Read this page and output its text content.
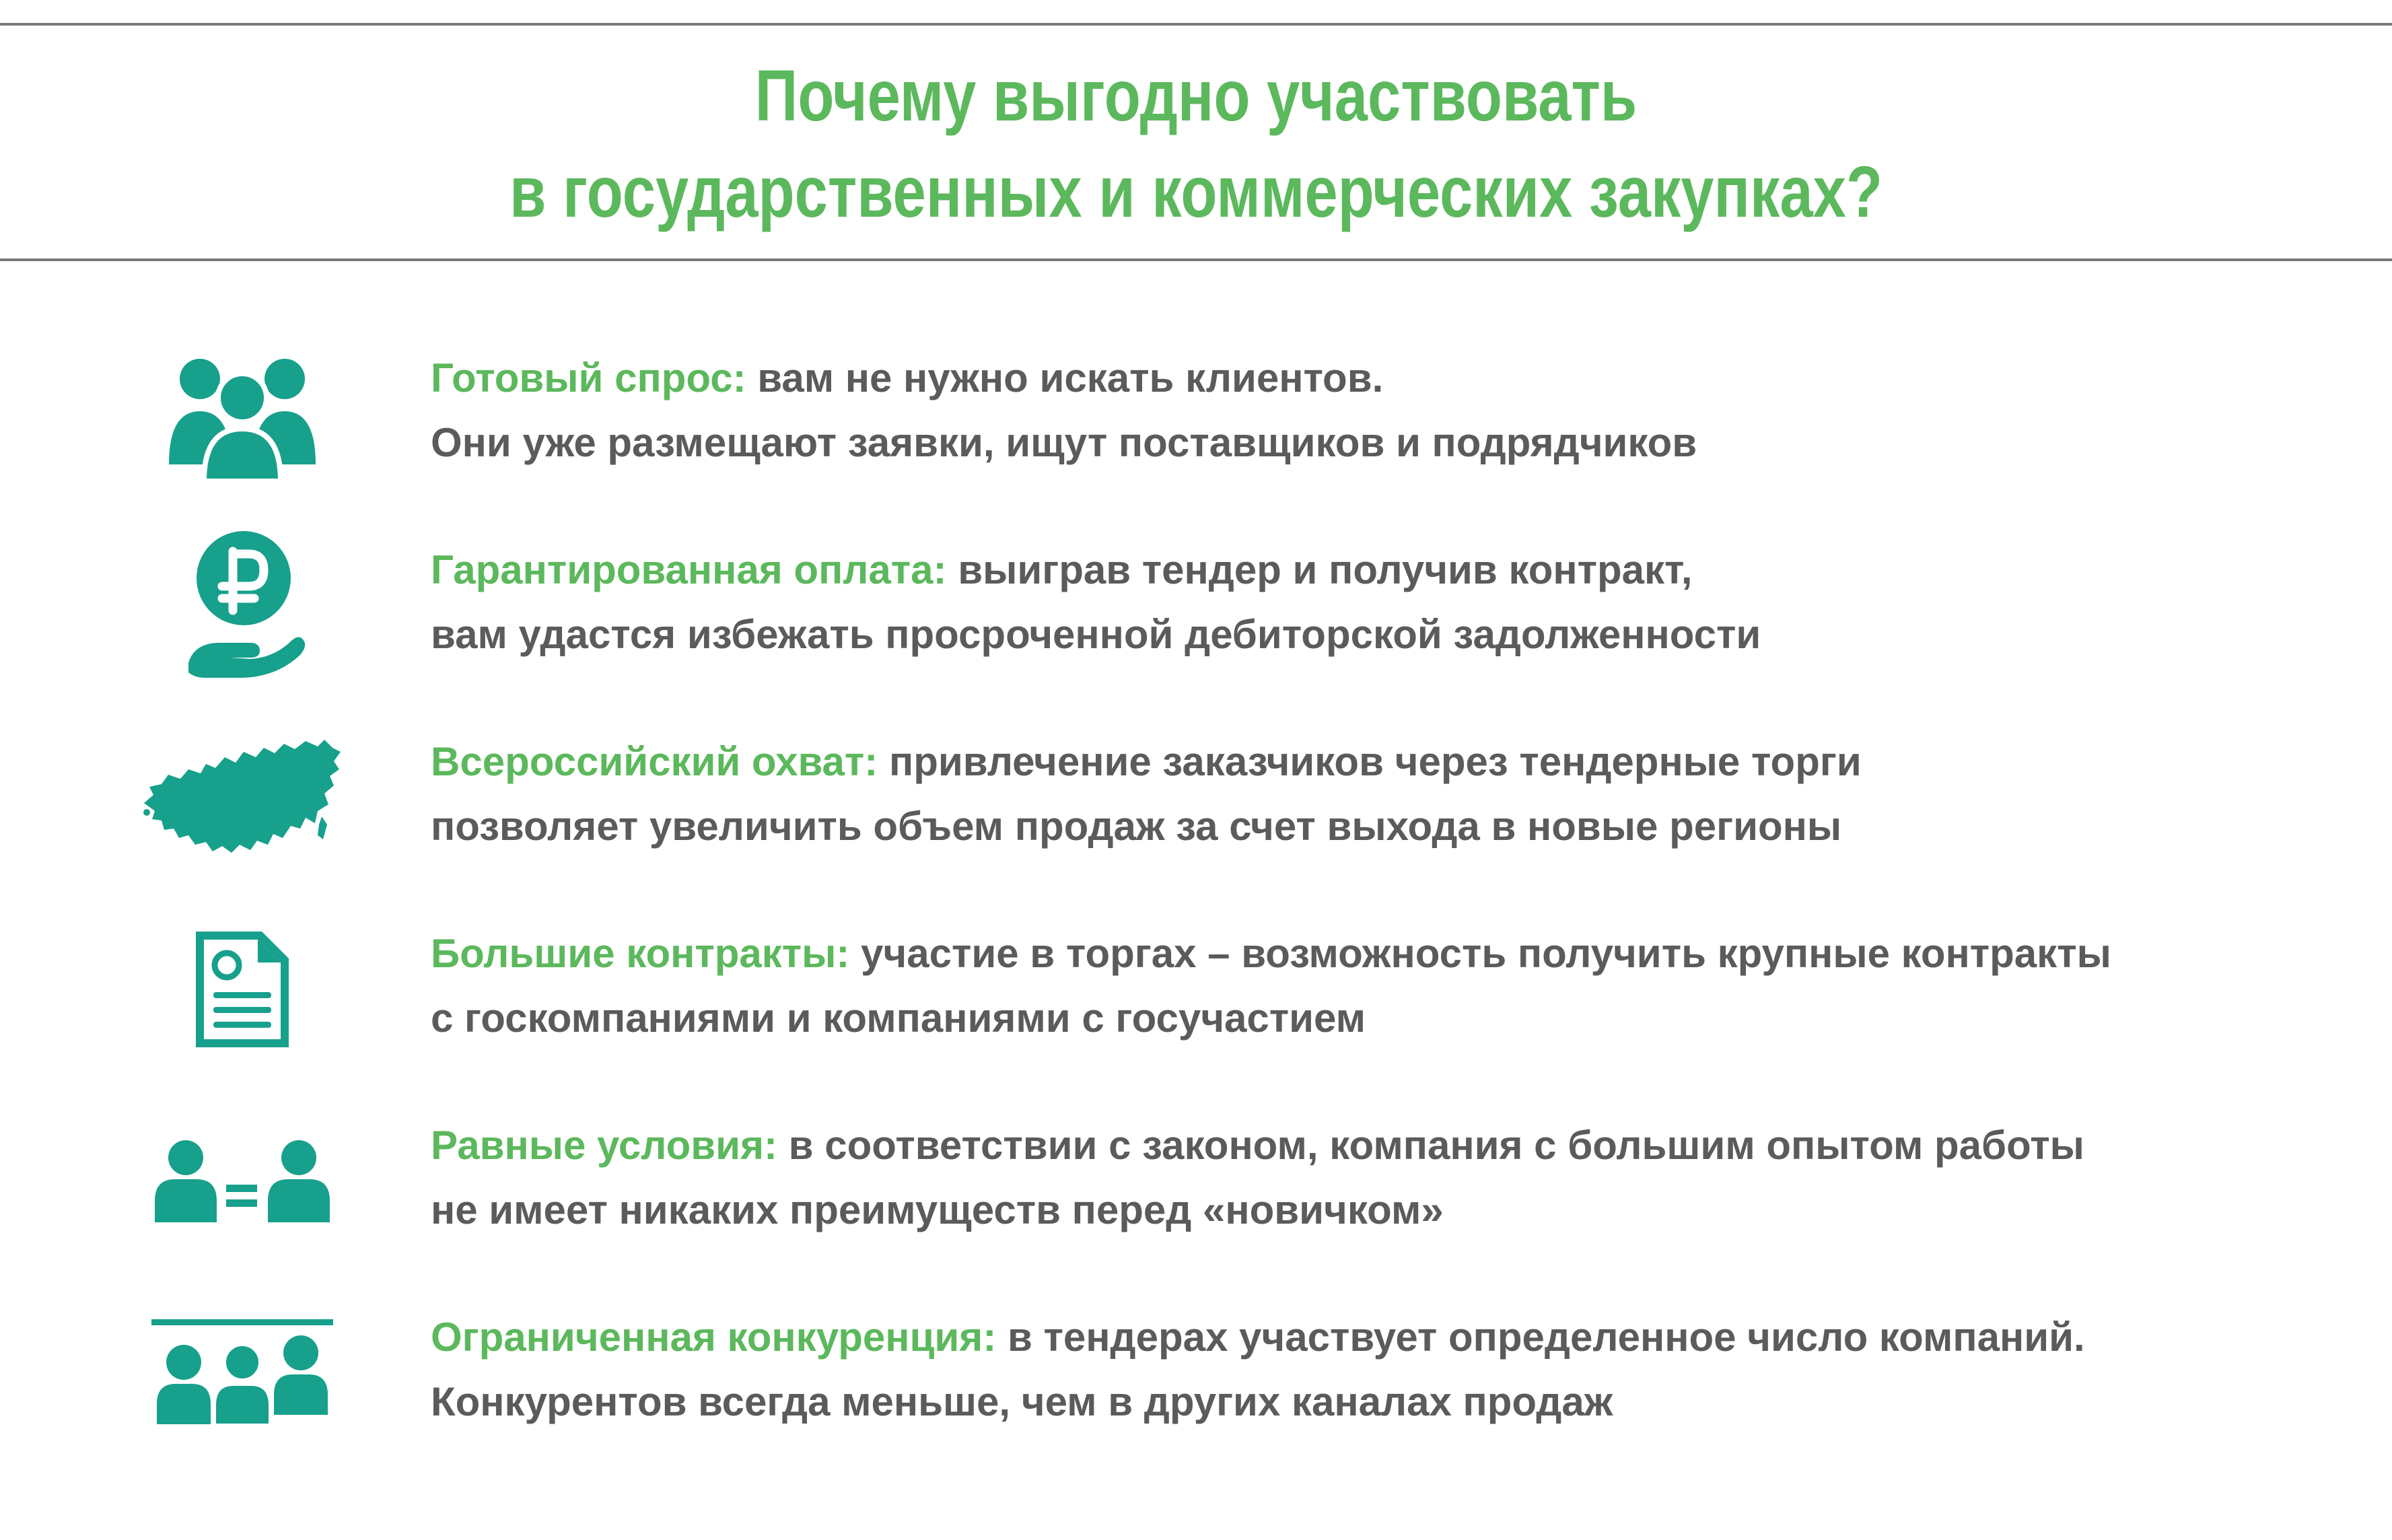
Почему выгодно участвовать
в государственных и коммерческих закупках?

Готовый спрос: вам не нужно искать клиентов.
Они уже размещают заявки, ищут поставщиков и подрядчиков

Гарантированная оплата: выиграв тендер и получив контракт,
вам удастся избежать просроченной дебиторской задолженности

Всероссийский охват: привлечение заказчиков через тендерные торги
позволяет увеличить объем продаж за счет выхода в новые регионы

Большие контракты: участие в торгах – возможность получить крупные контракты
с госкомпаниями и компаниями с госучастием

Равные условия: в соответствии с законом, компания с большим опытом работы
не имеет никаких преимуществ перед «новичком»

Ограниченная конкуренция: в тендерах участвует определенное число компаний.
Конкурентов всегда меньше, чем в других каналах продаж
